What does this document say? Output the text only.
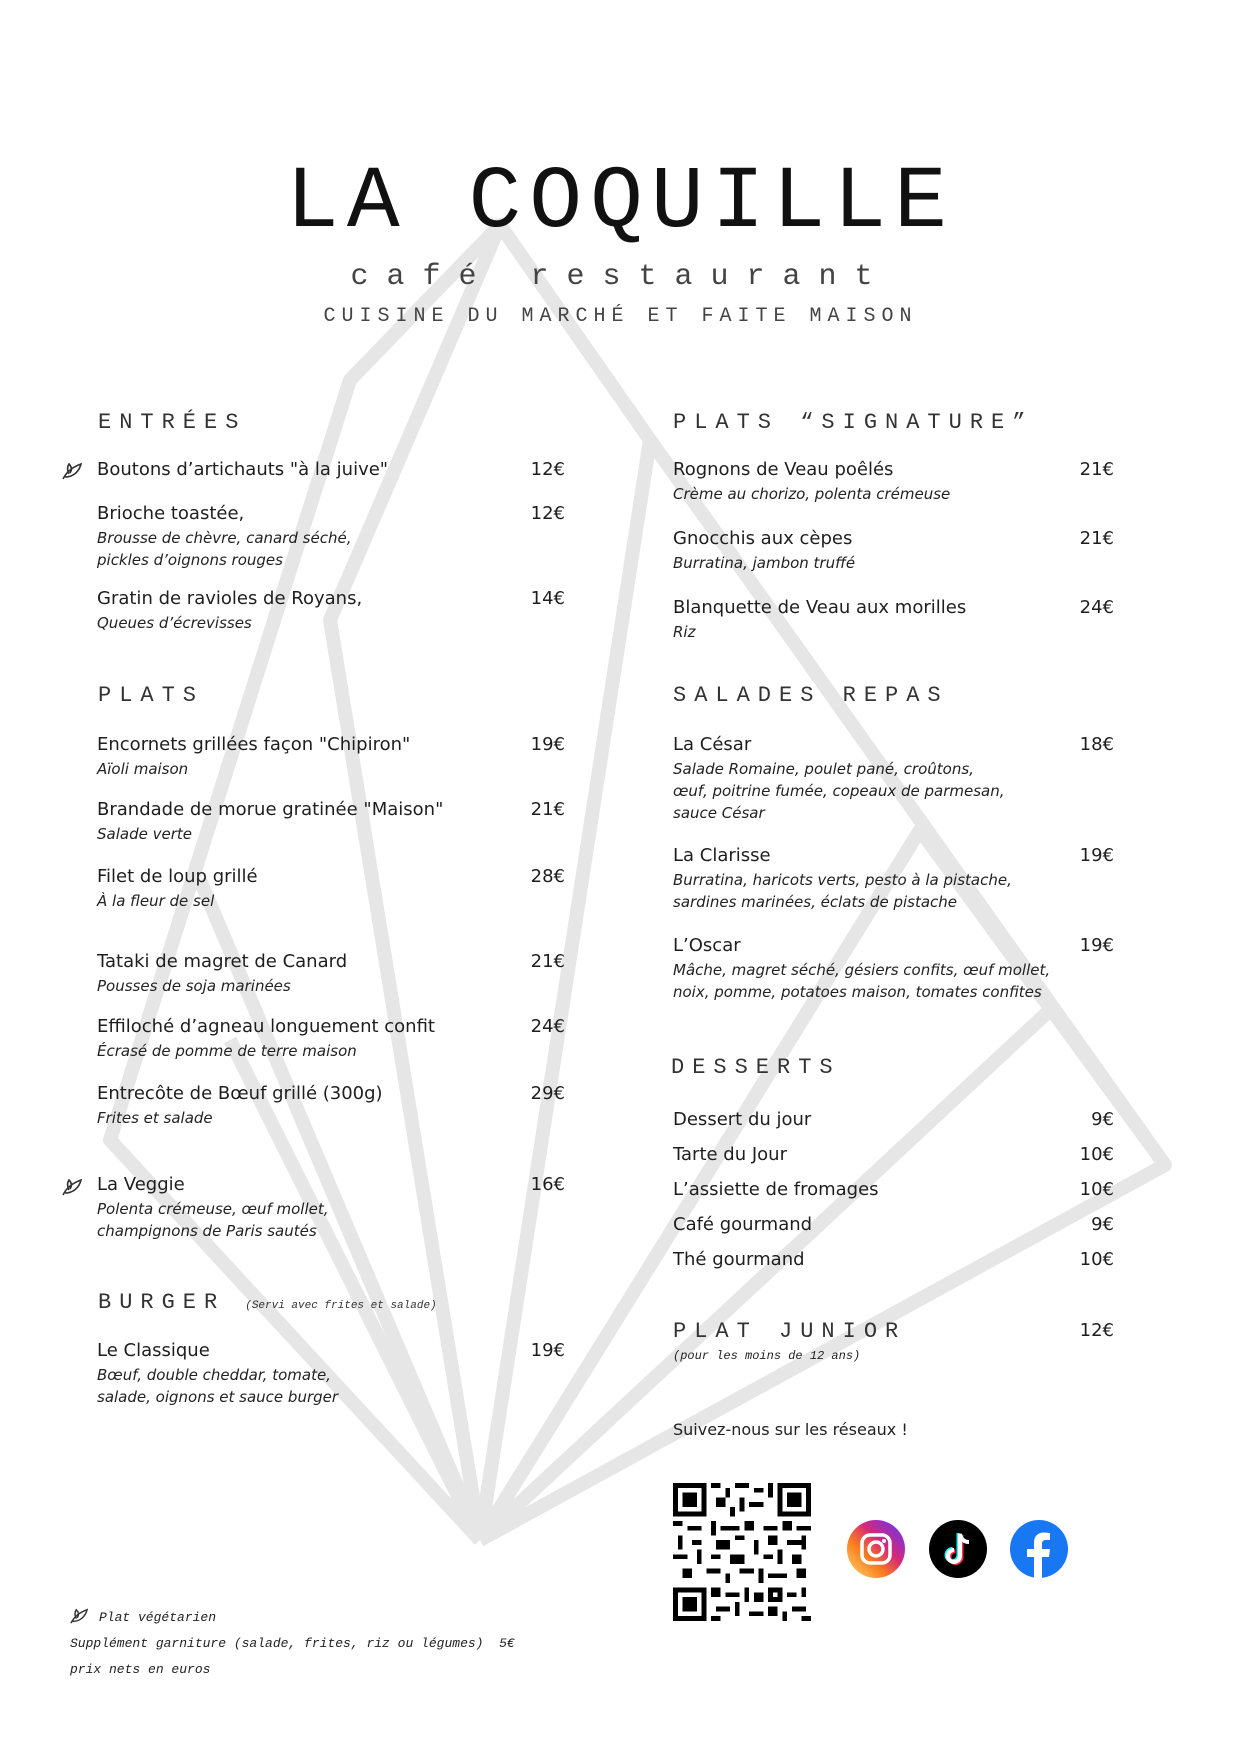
LA COQUILLE
café restaurant
CUISINE DU MARCHÉ ET FAITE MAISON
ENTRÉES
Boutons d’artichauts "à la juive"	12€
Brioche toastée,
Brousse de chèvre, canard séché,
pickles d’oignons rouges
12€
Gratin de ravioles de Royans,
Queues d’écrevisses
14€
PLATS
Encornets grillées façon "Chipiron"
Aïoli maison
19€
Brandade de morue gratinée "Maison"
Salade verte
21€
Filet de loup grillé
À la fleur de sel
28€
Tataki de magret de Canard
Pousses de soja marinées
21€
Effiloché d’agneau longuement confit
Écrasé de pomme de terre maison
24€
Entrecôte de Bœuf grillé (300g)
Frites et salade
29€
La Veggie
Polenta crémeuse, œuf mollet,
champignons de Paris sautés
16€
BURGER (Servi avec frites et salade)
Le Classique
Bœuf, double cheddar, tomate,
salade, oignons et sauce burger
19€
PLATS “SIGNATURE”
Rognons de Veau poêlés
Crème au chorizo, polenta crémeuse
21€
Gnocchis aux cèpes
Burratina, jambon truffé
21€
Blanquette de Veau aux morilles
Riz
24€
SALADES REPAS
La César
Salade Romaine, poulet pané, croûtons,
œuf, poitrine fumée, copeaux de parmesan,
sauce César
18€
La Clarisse
Burratina, haricots verts, pesto à la pistache,
sardines marinées, éclats de pistache
19€
L’Oscar
Mâche, magret séché, gésiers confits, œuf mollet,
noix, pomme, potatoes maison, tomates confites
19€
DESSERTS
Dessert du jour	9€
Tarte du Jour	10€
L’assiette de fromages	10€
Café gourmand	9€
Thé gourmand	10€
PLAT JUNIOR	12€
(pour les moins de 12 ans)
Suivez-nous sur les réseaux !
Plat végétarien
Supplément garniture (salade, frites, riz ou légumes) 5€
prix nets en euros
